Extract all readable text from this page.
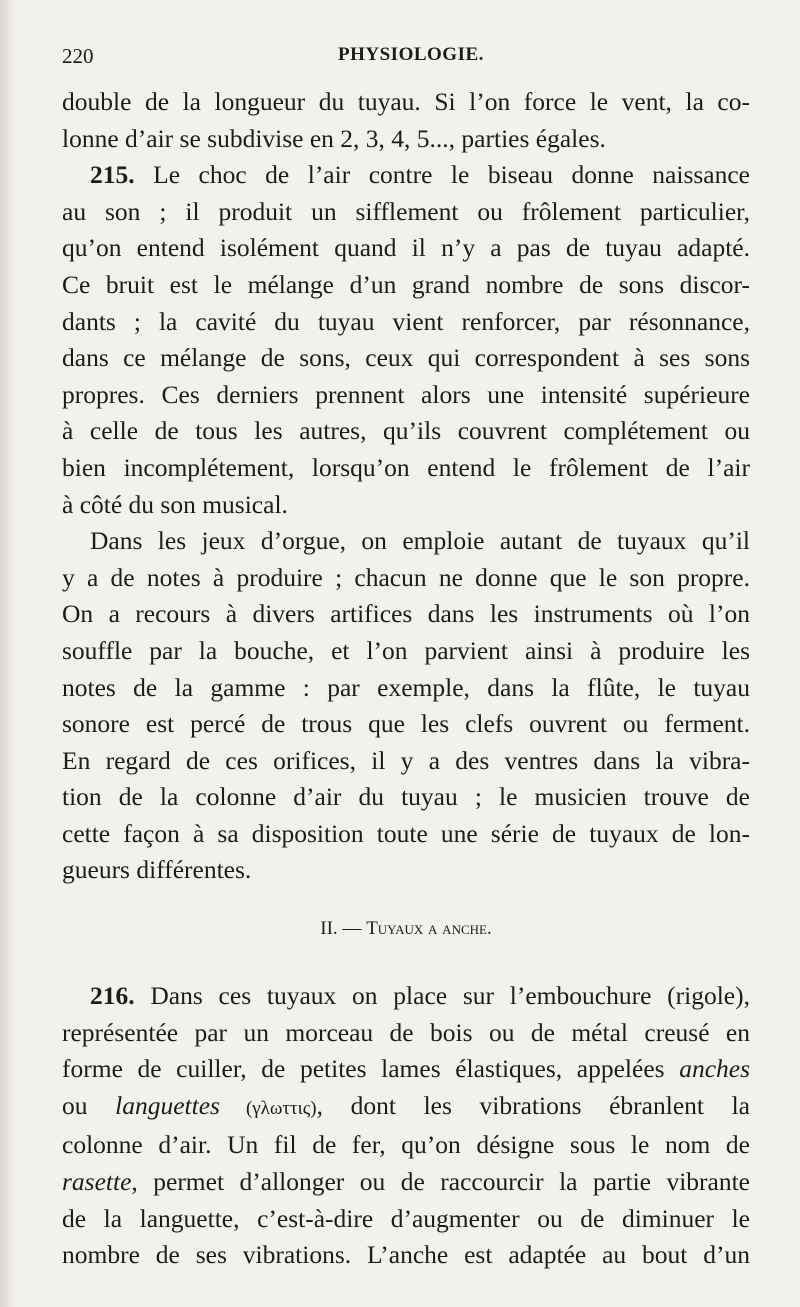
220	PHYSIOLOGIE.

double de la longueur du tuyau. Si l’on force le vent, la co-

lonne d’air se subdivise en 2, 3, 4, 5..., parties égales.

215. Le choc de l’air contre le biseau donne naissance

au son ; il produit un sifflement ou frôlement particulier,

qu’on entend isolément quand il n’y a pas de tuyau adapté.

Ce bruit est le mélange d’un grand nombre de sons discor-

dants ; la cavité du tuyau vient renforcer, par résonnance,

dans ce mélange de sons, ceux qui correspondent à ses sons

propres. Ces derniers prennent alors une intensité supérieure

à celle de tous les autres, qu’ils couvrent complétement ou

bien incomplétement, lorsqu’on entend le frôlement de l’air

à côté du son musical.

Dans les jeux d’orgue, on emploie autant de tuyaux qu’il

y a de notes à produire ; chacun ne donne que le son propre.

On a recours à divers artifices dans les instruments où l’on

souffle par la bouche, et l’on parvient ainsi à produire les

notes de la gamme : par exemple, dans la flûte, le tuyau

sonore est percé de trous que les clefs ouvrent ou ferment.

En regard de ces orifices, il y a des ventres dans la vibra-

tion de la colonne d’air du tuyau ; le musicien trouve de

cette façon à sa disposition toute une série de tuyaux de lon-

gueurs différentes.

II. — Tuyaux a anche.

216. Dans ces tuyaux on place sur l’embouchure (rigole),

représentée par un morceau de bois ou de métal creusé en

forme de cuiller, de petites lames élastiques, appelées anches

ou languettes (γλωττις), dont les vibrations ébranlent la

colonne d’air. Un fil de fer, qu’on désigne sous le nom de

rasette, permet d’allonger ou de raccourcir la partie vibrante

de la languette, c’est-à-dire d’augmenter ou de diminuer le

nombre de ses vibrations. L’anche est adaptée au bout d’un
